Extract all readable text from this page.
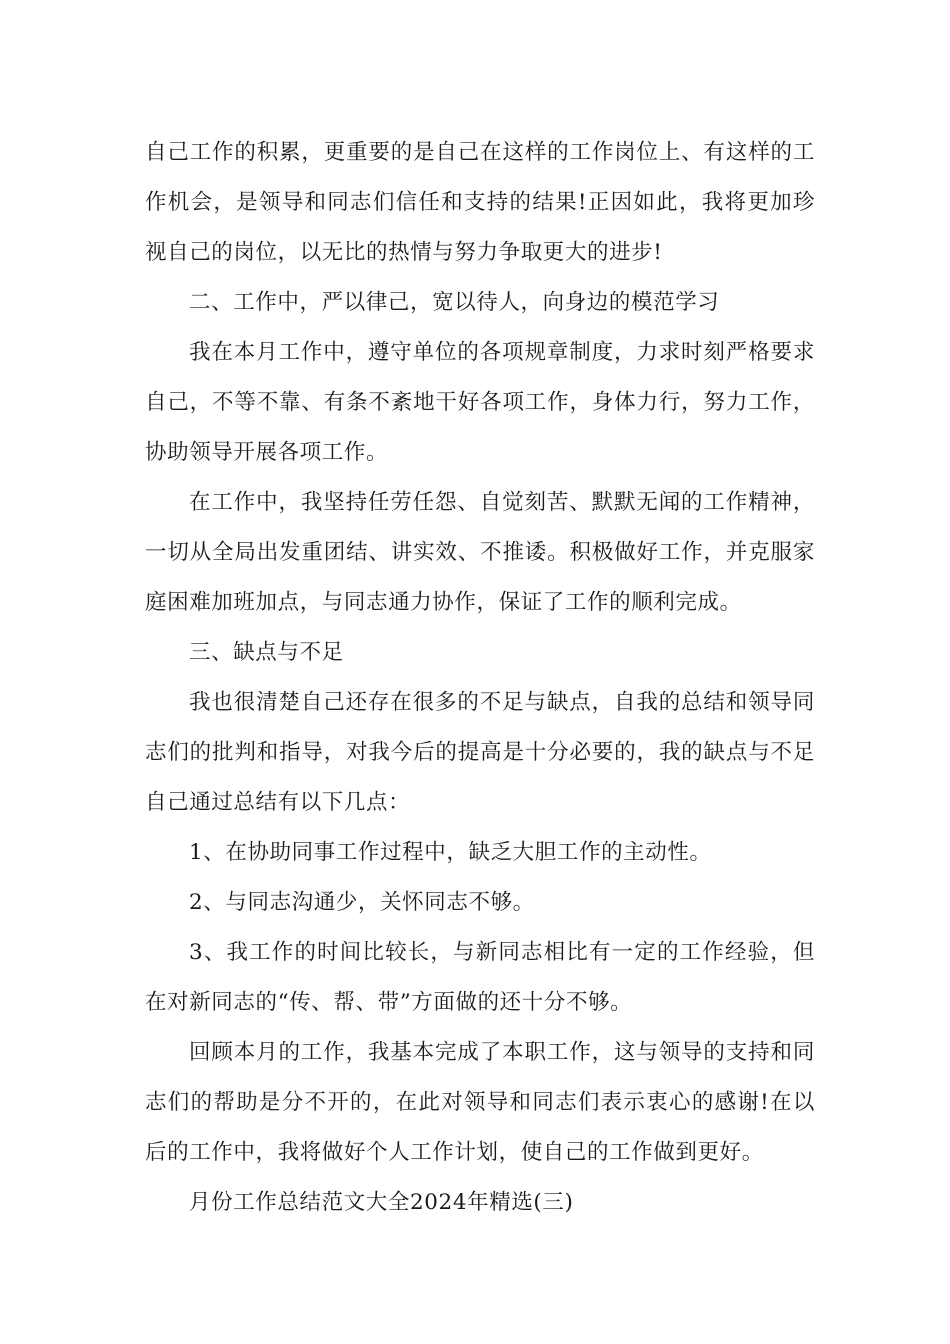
自己工作的积累，更重要的是自己在这样的工作岗位上、有这样的工作机会，是领导和同志们信任和支持的结果!正因如此，我将更加珍视自己的岗位，以无比的热情与努力争取更大的进步!

二、工作中，严以律己，宽以待人，向身边的模范学习

我在本月工作中，遵守单位的各项规章制度，力求时刻严格要求自己，不等不靠、有条不紊地干好各项工作，身体力行，努力工作，协助领导开展各项工作。

在工作中，我坚持任劳任怨、自觉刻苦、默默无闻的工作精神，一切从全局出发重团结、讲实效、不推诿。积极做好工作，并克服家庭困难加班加点，与同志通力协作，保证了工作的顺利完成。

三、缺点与不足

我也很清楚自己还存在很多的不足与缺点，自我的总结和领导同志们的批判和指导，对我今后的提高是十分必要的，我的缺点与不足自己通过总结有以下几点：

1、在协助同事工作过程中，缺乏大胆工作的主动性。

2、与同志沟通少，关怀同志不够。

3、我工作的时间比较长，与新同志相比有一定的工作经验，但在对新同志的“传、帮、带”方面做的还十分不够。

回顾本月的工作，我基本完成了本职工作，这与领导的支持和同志们的帮助是分不开的，在此对领导和同志们表示衷心的感谢!在以后的工作中，我将做好个人工作计划，使自己的工作做到更好。

月份工作总结范文大全2024年精选(三)
